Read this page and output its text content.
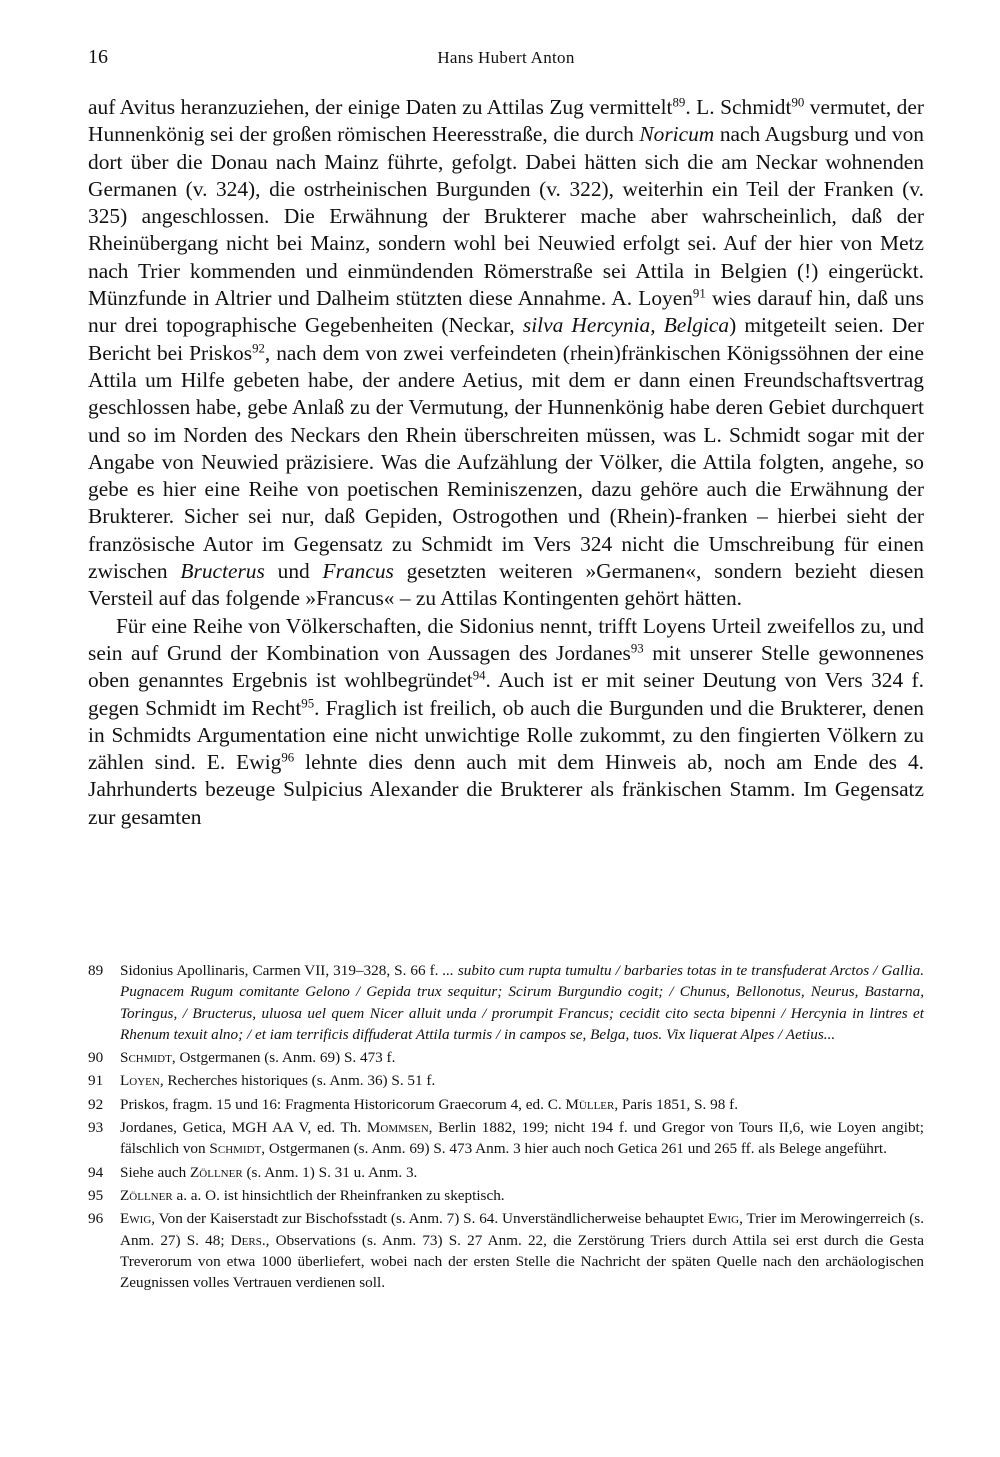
16	Hans Hubert Anton

auf Avitus heranzuziehen, der einige Daten zu Attilas Zug vermittelt$^{89}$. L. Schmidt$^{90}$ vermutet, der Hunnenkönig sei der großen römischen Heeresstraße, die durch Noricum nach Augsburg und von dort über die Donau nach Mainz führte, gefolgt. Dabei hätten sich die am Neckar wohnenden Germanen (v. 324), die ostrheinischen Burgunden (v. 322), weiterhin ein Teil der Franken (v. 325) angeschlossen. Die Erwähnung der Brukterer mache aber wahrscheinlich, daß der Rheinübergang nicht bei Mainz, sondern wohl bei Neuwied erfolgt sei. Auf der hier von Metz nach Trier kommenden und einmündenden Römerstraße sei Attila in Belgien (!) eingerückt. Münzfunde in Altrier und Dalheim stützten diese Annahme. A. Loyen$^{91}$ wies darauf hin, daß uns nur drei topographische Gegebenheiten (Neckar, silva Hercynia, Belgica) mitgeteilt seien. Der Bericht bei Priskos$^{92}$, nach dem von zwei verfeindeten (rhein)fränkischen Königssöhnen der eine Attila um Hilfe gebeten habe, der andere Aetius, mit dem er dann einen Freundschaftsvertrag geschlossen habe, gebe Anlaß zu der Vermutung, der Hunnenkönig habe deren Gebiet durchquert und so im Norden des Neckars den Rhein überschreiten müssen, was L. Schmidt sogar mit der Angabe von Neuwied präzisiere. Was die Aufzählung der Völker, die Attila folgten, angehe, so gebe es hier eine Reihe von poetischen Reminiszenzen, dazu gehöre auch die Erwähnung der Brukterer. Sicher sei nur, daß Gepiden, Ostrogothen und (Rhein)-franken – hierbei sieht der französische Autor im Gegensatz zu Schmidt im Vers 324 nicht die Umschreibung für einen zwischen Bructerus und Francus gesetzten weiteren »Germanen«, sondern bezieht diesen Versteil auf das folgende »Francus« – zu Attilas Kontingenten gehört hätten.

Für eine Reihe von Völkerschaften, die Sidonius nennt, trifft Loyens Urteil zweifellos zu, und sein auf Grund der Kombination von Aussagen des Jordanes$^{93}$ mit unserer Stelle gewonnenes oben genanntes Ergebnis ist wohlbegründet$^{94}$. Auch ist er mit seiner Deutung von Vers 324 f. gegen Schmidt im Recht$^{95}$. Fraglich ist freilich, ob auch die Burgunden und die Brukterer, denen in Schmidts Argumentation eine nicht unwichtige Rolle zukommt, zu den fingierten Völkern zu zählen sind. E. Ewig$^{96}$ lehnte dies denn auch mit dem Hinweis ab, noch am Ende des 4. Jahrhunderts bezeuge Sulpicius Alexander die Brukterer als fränkischen Stamm. Im Gegensatz zur gesamten

89 Sidonius Apollinaris, Carmen VII, 319–328, S. 66 f. ... subito cum rupta tumultu / barbaries totas in te transfuderat Arctos / Gallia. Pugnacem Rugum comitante Gelono / Gepida trux sequitur; Scirum Burgundio cogit; / Chunus, Bellonotus, Neurus, Bastarna, Toringus, / Bructerus, uluosa uel quem Nicer alluit unda / prorumpit Francus; cecidit cito secta bipenni / Hercynia in lintres et Rhenum texuit alno; / et iam terrificis diffuderat Attila turmis / in campos se, Belga, tuos. Vix liquerat Alpes / Aetius...

90 Schmidt, Ostgermanen (s. Anm. 69) S. 473 f.

91 Loyen, Recherches historiques (s. Anm. 36) S. 51 f.

92 Priskos, fragm. 15 und 16: Fragmenta Historicorum Graecorum 4, ed. C. Müller, Paris 1851, S. 98 f.

93 Jordanes, Getica, MGH AA V, ed. Th. Mommsen, Berlin 1882, 199; nicht 194 f. und Gregor von Tours II,6, wie Loyen angibt; fälschlich von Schmidt, Ostgermanen (s. Anm. 69) S. 473 Anm. 3 hier auch noch Getica 261 und 265 ff. als Belege angeführt.

94 Siehe auch Zöllner (s. Anm. 1) S. 31 u. Anm. 3.

95 Zöllner a. a. O. ist hinsichtlich der Rheinfranken zu skeptisch.

96 Ewig, Von der Kaiserstadt zur Bischofsstadt (s. Anm. 7) S. 64. Unverständlicherweise behauptet Ewig, Trier im Merowingerreich (s. Anm. 27) S. 48; Ders., Observations (s. Anm. 73) S. 27 Anm. 22, die Zerstörung Triers durch Attila sei erst durch die Gesta Treverorum von etwa 1000 überliefert, wobei nach der ersten Stelle die Nachricht der späten Quelle nach den archäologischen Zeugnissen volles Vertrauen verdienen soll.
